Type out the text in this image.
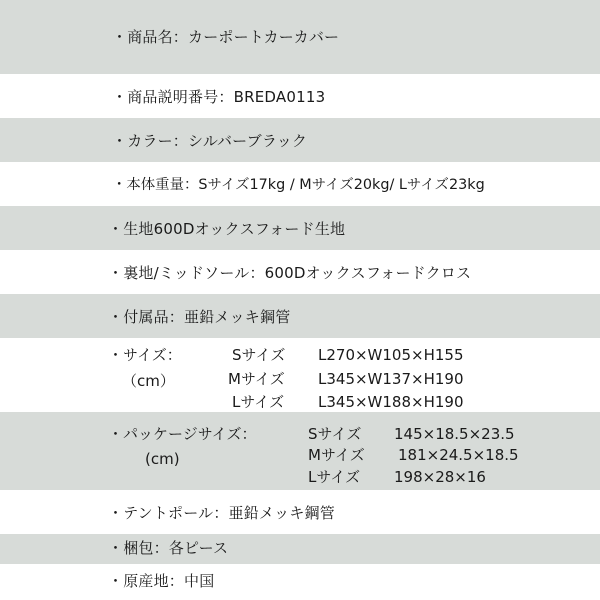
・商品名：カーポートカーカバー
・商品説明番号：BREDA0113
・カラー：シルバーブラック
・本体重量：Sサイズ17kg / Mサイズ20kg/ Lサイズ23kg
・生地600Dオックスフォード生地
・裏地/ミッドソール：600Dオックスフォードクロス
・付属品：亜鉛メッキ鋼管
・サイズ：
（cm）
Sサイズ L270×W105×H155
Mサイズ L345×W137×H190
Lサイズ L345×W188×H190
・パッケージサイズ：
(cm)
Sサイズ 145×18.5×23.5
Mサイズ 181×24.5×18.5
Lサイズ 198×28×16
・テントポール：亜鉛メッキ鋼管
・梱包：各ピース
・原産地：中国
